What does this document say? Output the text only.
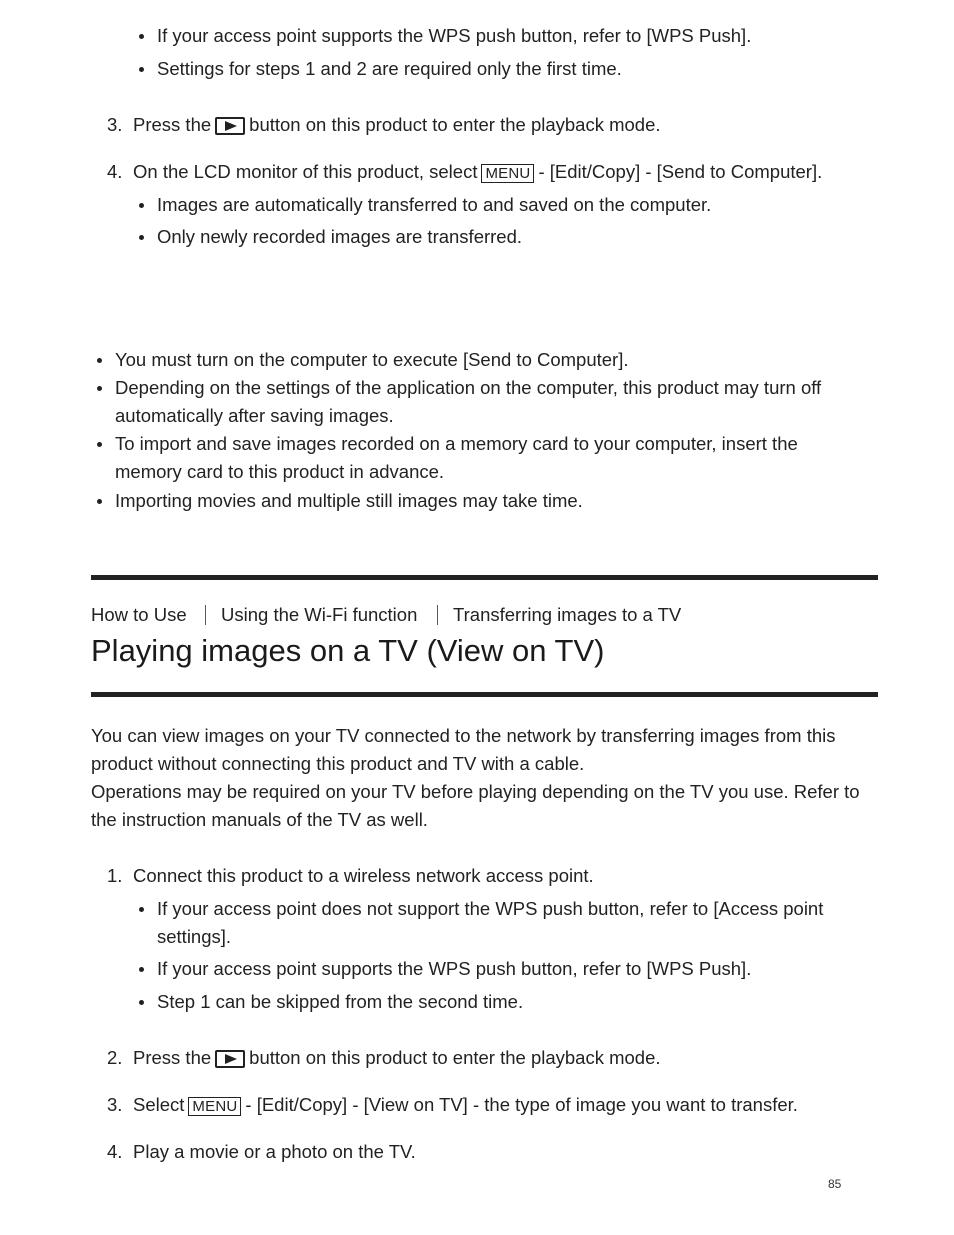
If your access point supports the WPS push button, refer to [WPS Push].
Settings for steps 1 and 2 are required only the first time.
3. Press the button on this product to enter the playback mode.
4. On the LCD monitor of this product, select MENU - [Edit/Copy] - [Send to Computer].
Images are automatically transferred to and saved on the computer.
Only newly recorded images are transferred.
You must turn on the computer to execute [Send to Computer].
Depending on the settings of the application on the computer, this product may turn off
automatically after saving images.
To import and save images recorded on a memory card to your computer, insert the
memory card to this product in advance.
Importing movies and multiple still images may take time.
How to Use Using the Wi-Fi function Transferring images to a TV
Playing images on a TV (View on TV)
You can view images on your TV connected to the network by transferring images from this
product without connecting this product and TV with a cable.
Operations may be required on your TV before playing depending on the TV you use. Refer to
the instruction manuals of the TV as well.
1. Connect this product to a wireless network access point.
If your access point does not support the WPS push button, refer to [Access point
settings].
If your access point supports the WPS push button, refer to [WPS Push].
Step 1 can be skipped from the second time.
2. Press the button on this product to enter the playback mode.
3. Select MENU - [Edit/Copy] - [View on TV] - the type of image you want to transfer.
4. Play a movie or a photo on the TV.
85
